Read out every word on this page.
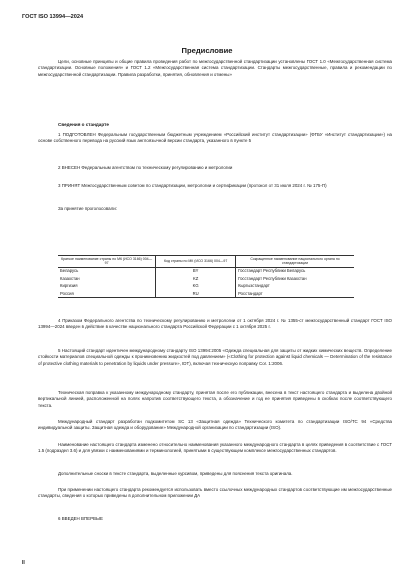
ГОСТ ISO 13994—2024
Предисловие
Цели, основные принципы и общие правила проведения работ по межгосударственной стандартизации установлены ГОСТ 1.0 «Межгосударственная система стандартизации. Основные положения» и ГОСТ 1.2 «Межгосударственная система стандартизации. Стандарты межгосударственные, правила и рекомендации по межгосударственной стандартизации. Правила разработки, принятия, обновления и отмены»
Сведения о стандарте
1 ПОДГОТОВЛЕН Федеральным государственным бюджетным учреждением «Российский институт стандартизации» (ФГБУ «Институт стандартизации») на основе собственного перевода на русский язык англоязычной версии стандарта, указанного в пункте 5
2 ВНЕСЕН Федеральным агентством по техническому регулированию и метрологии
3 ПРИНЯТ Межгосударственным советом по стандартизации, метрологии и сертификации (протокол от 31 июля 2024 г. № 175-П)
За принятие проголосовали:
Краткое наименование страны по МК (ИСО 3166) 004—97	Код страны по МК (ИСО 3166) 004—97	Сокращенное наименование национального органа по стандартизации
Беларусь	BY	Госстандарт Республики Беларусь
Казахстан	KZ	Госстандарт Республики Казахстан
Киргизия	KG	Кыргызстандарт
Россия	RU	Росстандарт
4 Приказом Федерального агентства по техническому регулированию и метрологии от 1 октября 2024 г. № 1355-ст межгосударственный стандарт ГОСТ ISO 13994—2024 введен в действие в качестве национального стандарта Российской Федерации с 1 октября 2025 г.
5 Настоящий стандарт идентичен международному стандарту ISO 13994:2005 «Одежда специальная для защиты от жидких химических веществ. Определение стойкости материалов специальной одежды к проникновению жидкостей под давлением» («Clothing for protection against liquid chemicals — Determination of the resistance of protective clothing materials to penetration by liquids under pressure», IDT), включая техническую поправку Cor. 1:2006.
Техническая поправка к указанному международному стандарту, принятая после его публикации, внесена в текст настоящего стандарта и выделена двойной вертикальной линией, расположенной на полях напротив соответствующего текста, а обозначение и год ее принятия приведены в скобках после соответствующего текста.
Международный стандарт разработан подкомитетом SC 13 «Защитная одежда» Технического комитета по стандартизации ISO/TC 94 «Средства индивидуальной защиты. Защитная одежда и оборудование» Международной организации по стандартизации (ISO).
Наименование настоящего стандарта изменено относительно наименования указанного международного стандарта в целях приведения в соответствие с ГОСТ 1.5 (подраздел 3.6) и для увязки с наименованиями и терминологией, принятыми в существующем комплексе межгосударственных стандартов.
Дополнительные сноски в тексте стандарта, выделенные курсивом, приведены для пояснения текста оригинала.
При применении настоящего стандарта рекомендуется использовать вместо ссылочных международных стандартов соответствующие им межгосударственные стандарты, сведения о которых приведены в дополнительном приложении ДА
6 ВВЕДЕН ВПЕРВЫЕ
II
